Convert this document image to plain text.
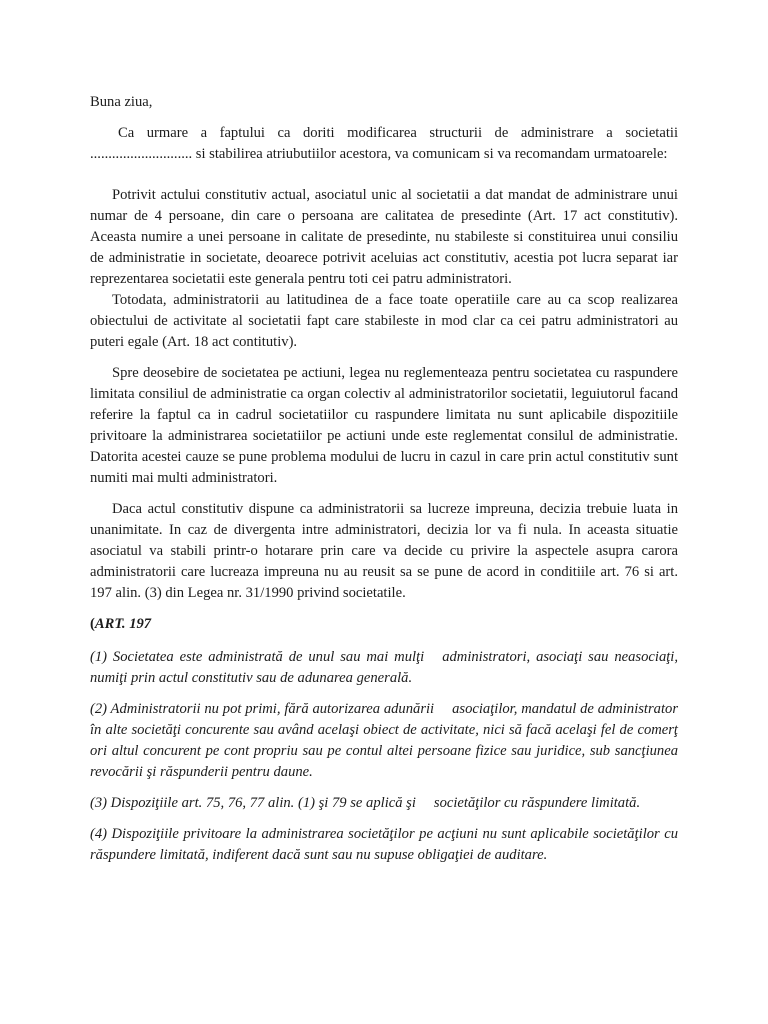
Buna ziua,

Ca urmare a faptului ca doriti modificarea structurii de administrare a societatii ............................ si stabilirea atriubutiilor acestora, va comunicam si va recomandam urmatoarele:

Potrivit actului constitutiv actual, asociatul unic al societatii a dat mandat de administrare unui numar de 4 persoane, din care o persoana are calitatea de presedinte (Art. 17 act constitutiv). Aceasta numire a unei persoane in calitate de presedinte, nu stabileste si constituirea unui consiliu de administratie in societate, deoarece potrivit aceluias act constitutiv, acestia pot lucra separat iar reprezentarea societatii este generala pentru toti cei patru administratori.

Totodata, administratorii au latitudinea de a face toate operatiile care au ca scop realizarea obiectului de activitate al societatii fapt care stabileste in mod clar ca cei patru administratori au puteri egale (Art. 18 act contitutiv).

Spre deosebire de societatea pe actiuni, legea nu reglementeaza pentru societatea cu raspundere limitata consiliul de administratie ca organ colectiv al administratorilor societatii, leguiutorul facand referire la faptul ca in cadrul societatiilor cu raspundere limitata nu sunt aplicabile dispozitiile privitoare la administrarea societatiilor pe actiuni unde este reglementat consilul de administratie. Datorita acestei cauze se pune problema modului de lucru in cazul in care prin actul constitutiv sunt numiti mai multi administratori.

Daca actul constitutiv dispune ca administratorii sa lucreze impreuna, decizia trebuie luata in unanimitate. In caz de divergenta intre administratori, decizia lor va fi nula. In aceasta situatie asociatul va stabili printr-o hotarare prin care va decide cu privire la aspectele asupra carora administratorii care lucreaza impreuna nu au reusit sa se pune de acord in conditiile art. 76 si art. 197 alin. (3) din Legea nr. 31/1990 privind societatile.

(ART. 197

(1) Societatea este administrată de unul sau mai mulţi administratori, asociaţi sau neasociaţi, numiţi prin actul constitutiv sau de adunarea generală.

(2) Administratorii nu pot primi, fără autorizarea adunării asociaţilor, mandatul de administrator în alte societăţi concurente sau având acelaşi obiect de activitate, nici să facă acelaşi fel de comerţ ori altul concurent pe cont propriu sau pe contul altei persoane fizice sau juridice, sub sancţiunea revocării şi răspunderii pentru daune.

(3) Dispoziţiile art. 75, 76, 77 alin. (1) şi 79 se aplică şi societăţilor cu răspundere limitată.

(4) Dispoziţiile privitoare la administrarea societăţilor pe acţiuni nu sunt aplicabile societăţilor cu răspundere limitată, indiferent dacă sunt sau nu supuse obligaţiei de auditare.
